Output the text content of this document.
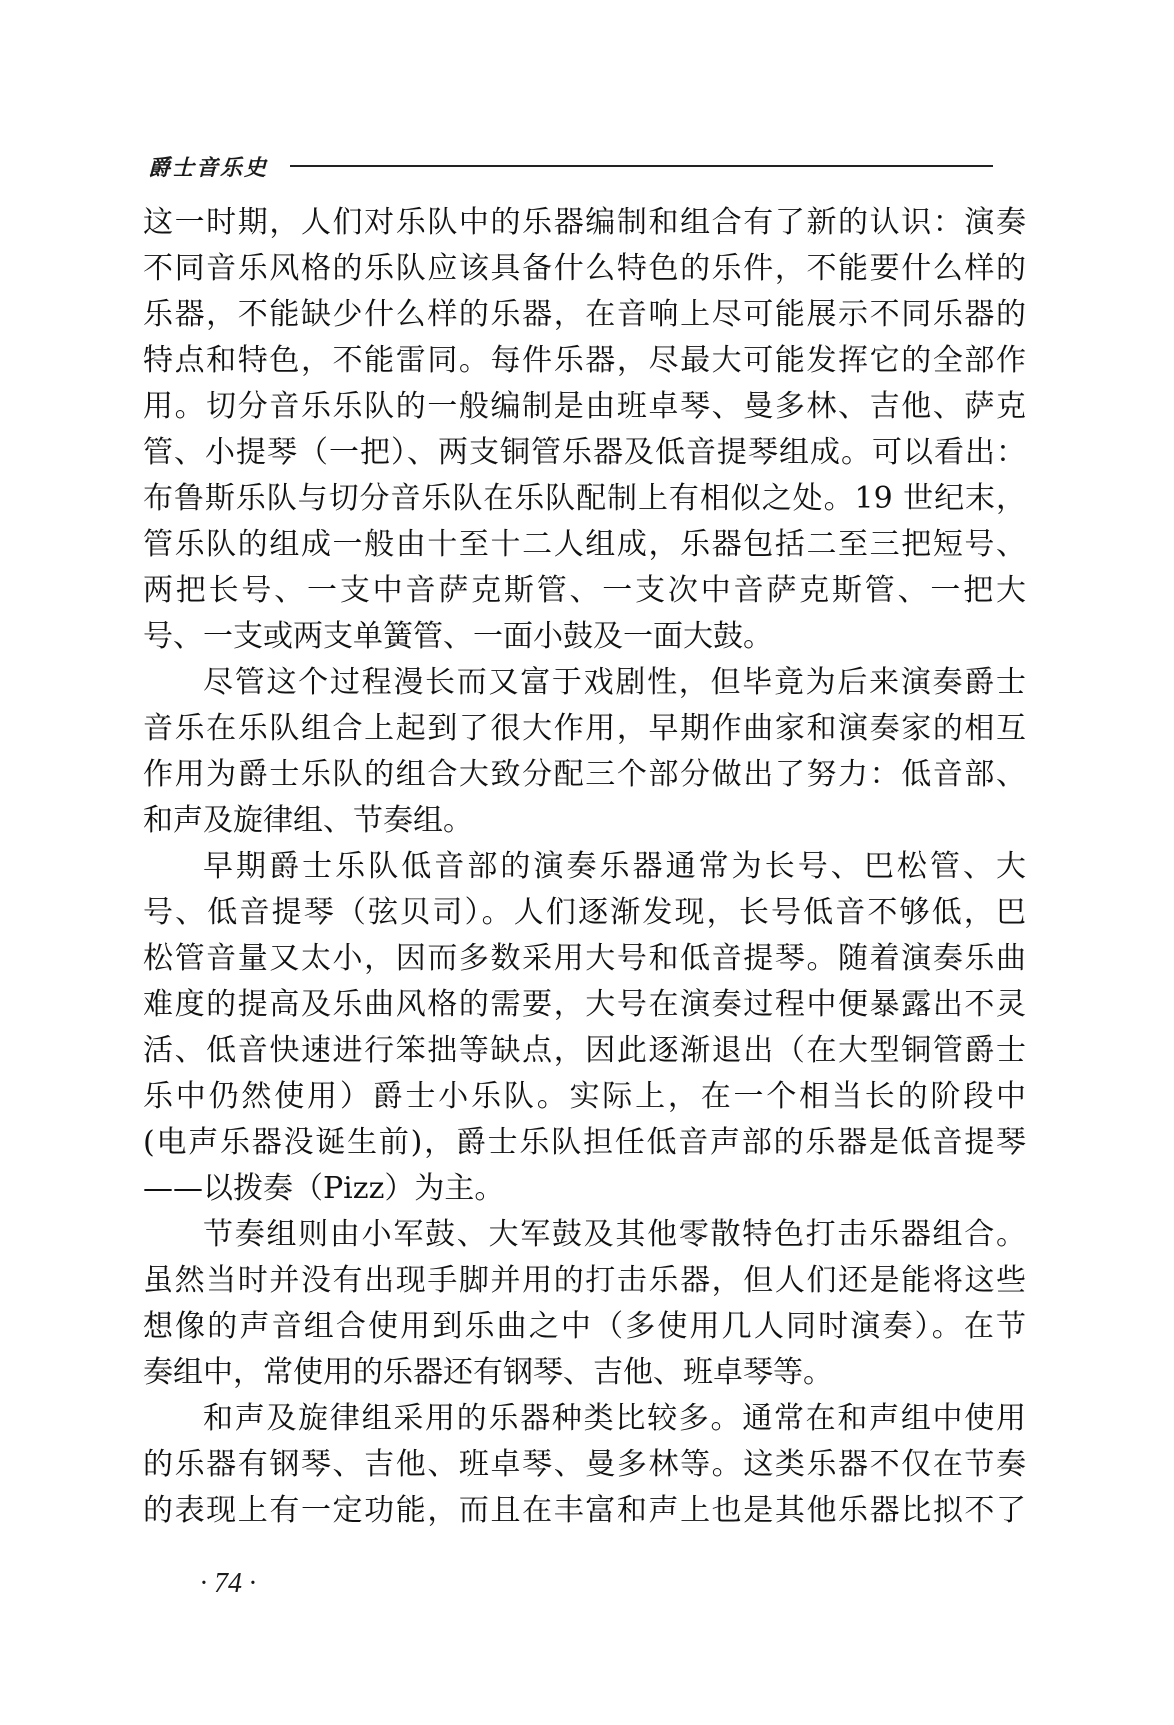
爵士音乐史
这一时期，人们对乐队中的乐器编制和组合有了新的认识：演奏
不同音乐风格的乐队应该具备什么特色的乐件，不能要什么样的
乐器，不能缺少什么样的乐器，在音响上尽可能展示不同乐器的
特点和特色，不能雷同。每件乐器，尽最大可能发挥它的全部作
用。切分音乐乐队的一般编制是由班卓琴、曼多林、吉他、萨克
管、小提琴（一把）、两支铜管乐器及低音提琴组成。可以看出：
布鲁斯乐队与切分音乐队在乐队配制上有相似之处。19 世纪末，
管乐队的组成一般由十至十二人组成，乐器包括二至三把短号、
两把长号、一支中音萨克斯管、一支次中音萨克斯管、一把大
号、一支或两支单簧管、一面小鼓及一面大鼓。
尽管这个过程漫长而又富于戏剧性，但毕竟为后来演奏爵士
音乐在乐队组合上起到了很大作用，早期作曲家和演奏家的相互
作用为爵士乐队的组合大致分配三个部分做出了努力：低音部、
和声及旋律组、节奏组。
早期爵士乐队低音部的演奏乐器通常为长号、巴松管、大
号、低音提琴（弦贝司）。人们逐渐发现，长号低音不够低，巴
松管音量又太小，因而多数采用大号和低音提琴。随着演奏乐曲
难度的提高及乐曲风格的需要，大号在演奏过程中便暴露出不灵
活、低音快速进行笨拙等缺点，因此逐渐退出（在大型铜管爵士
乐中仍然使用）爵士小乐队。实际上，在一个相当长的阶段中
(电声乐器没诞生前)，爵士乐队担任低音声部的乐器是低音提琴
——以拨奏（Pizz）为主。
节奏组则由小军鼓、大军鼓及其他零散特色打击乐器组合。
虽然当时并没有出现手脚并用的打击乐器，但人们还是能将这些
想像的声音组合使用到乐曲之中（多使用几人同时演奏）。在节
奏组中，常使用的乐器还有钢琴、吉他、班卓琴等。
和声及旋律组采用的乐器种类比较多。通常在和声组中使用
的乐器有钢琴、吉他、班卓琴、曼多林等。这类乐器不仅在节奏
的表现上有一定功能，而且在丰富和声上也是其他乐器比拟不了
· 74 ·
